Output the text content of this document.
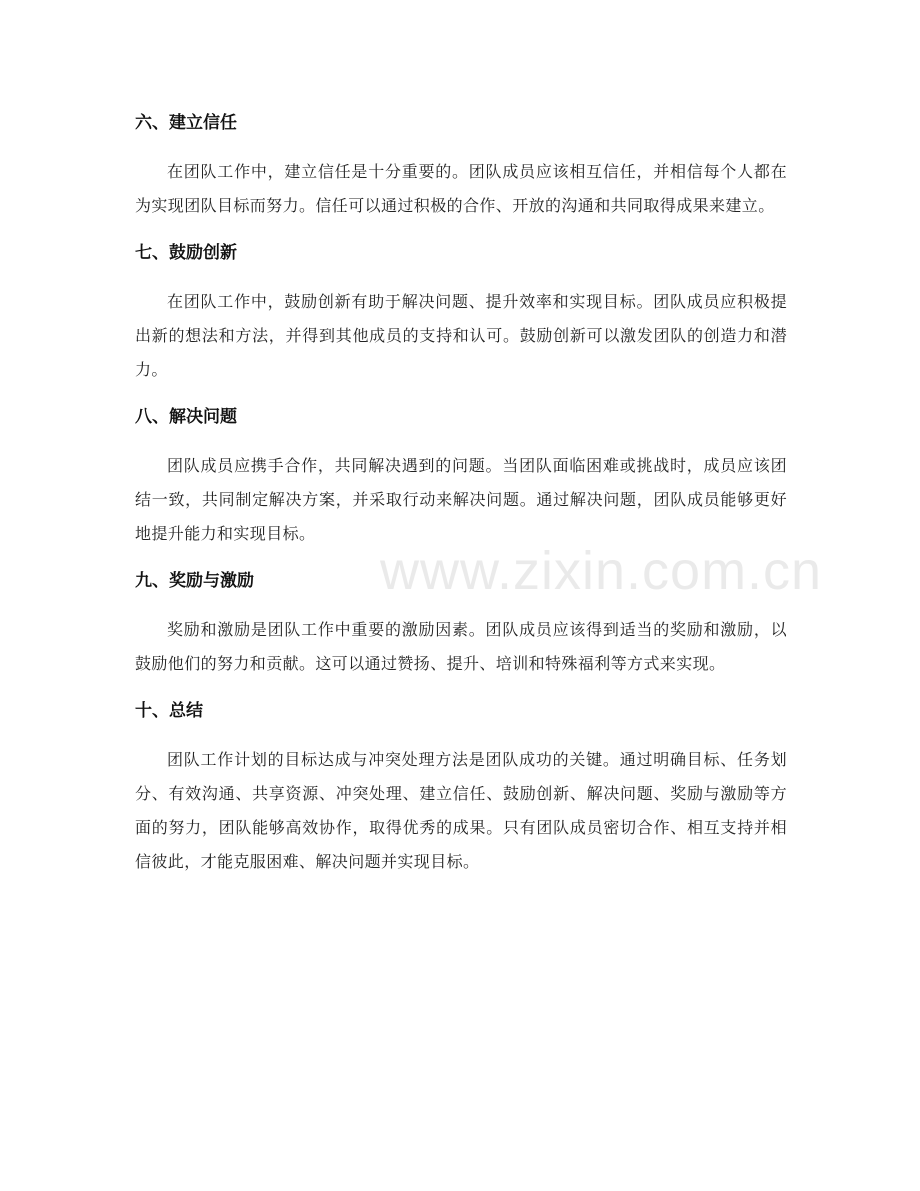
六、建立信任

在团队工作中，建立信任是十分重要的。团队成员应该相互信任，并相信每个人都在为实现团队目标而努力。信任可以通过积极的合作、开放的沟通和共同取得成果来建立。

七、鼓励创新

在团队工作中，鼓励创新有助于解决问题、提升效率和实现目标。团队成员应积极提出新的想法和方法，并得到其他成员的支持和认可。鼓励创新可以激发团队的创造力和潜力。

八、解决问题

团队成员应携手合作，共同解决遇到的问题。当团队面临困难或挑战时，成员应该团结一致，共同制定解决方案，并采取行动来解决问题。通过解决问题，团队成员能够更好地提升能力和实现目标。

九、奖励与激励

奖励和激励是团队工作中重要的激励因素。团队成员应该得到适当的奖励和激励，以鼓励他们的努力和贡献。这可以通过赞扬、提升、培训和特殊福利等方式来实现。

十、总结

团队工作计划的目标达成与冲突处理方法是团队成功的关键。通过明确目标、任务划分、有效沟通、共享资源、冲突处理、建立信任、鼓励创新、解决问题、奖励与激励等方面的努力，团队能够高效协作，取得优秀的成果。只有团队成员密切合作、相互支持并相信彼此，才能克服困难、解决问题并实现目标。

www.zixin.com.cn
